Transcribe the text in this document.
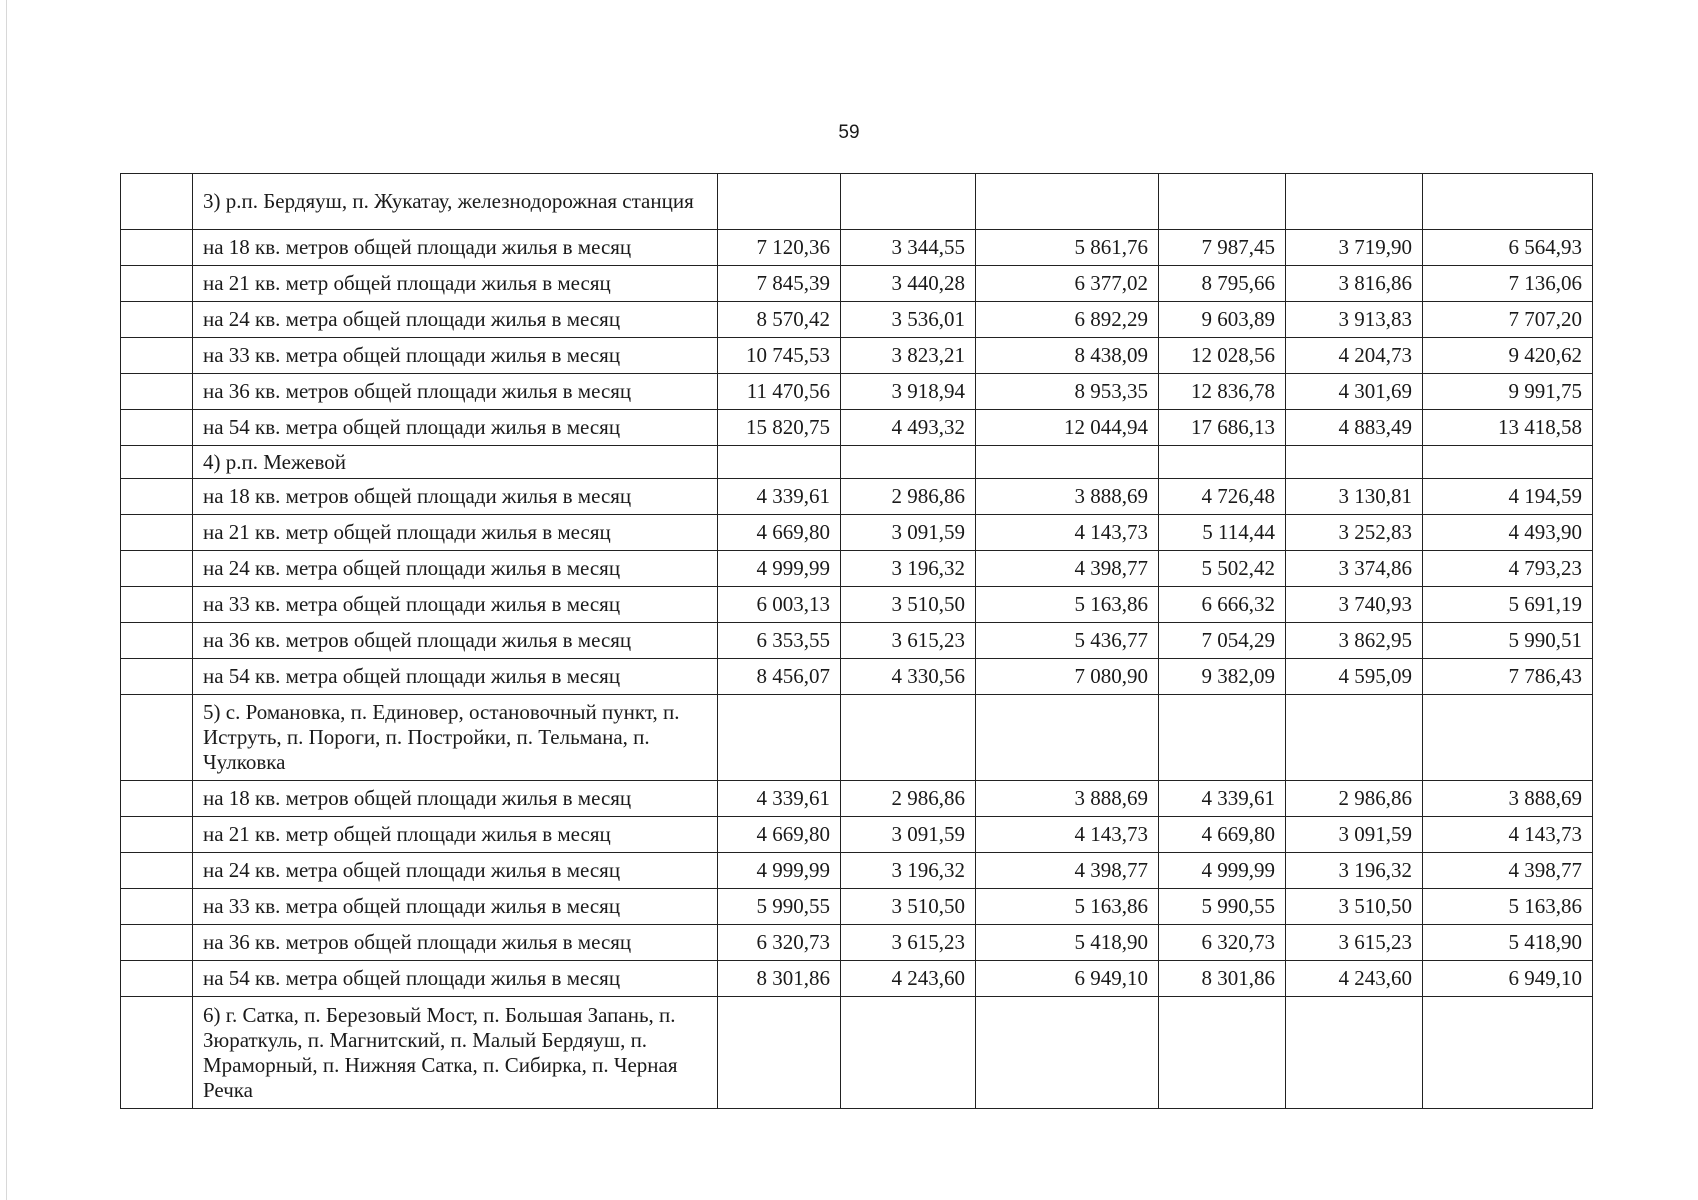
59
	3) р.п. Бердяуш, п. Жукатау, железнодорожная станция						
	на 18 кв. метров общей площади жилья в месяц	7 120,36	3 344,55	5 861,76	7 987,45	3 719,90	6 564,93
	на 21 кв. метр общей площади жилья в месяц	7 845,39	3 440,28	6 377,02	8 795,66	3 816,86	7 136,06
	на 24 кв. метра общей площади жилья в месяц	8 570,42	3 536,01	6 892,29	9 603,89	3 913,83	7 707,20
	на 33 кв. метра общей площади жилья в месяц	10 745,53	3 823,21	8 438,09	12 028,56	4 204,73	9 420,62
	на 36 кв. метров общей площади жилья в месяц	11 470,56	3 918,94	8 953,35	12 836,78	4 301,69	9 991,75
	на 54 кв. метра общей площади жилья в месяц	15 820,75	4 493,32	12 044,94	17 686,13	4 883,49	13 418,58
	4) р.п. Межевой						
	на 18 кв. метров общей площади жилья в месяц	4 339,61	2 986,86	3 888,69	4 726,48	3 130,81	4 194,59
	на 21 кв. метр общей площади жилья в месяц	4 669,80	3 091,59	4 143,73	5 114,44	3 252,83	4 493,90
	на 24 кв. метра общей площади жилья в месяц	4 999,99	3 196,32	4 398,77	5 502,42	3 374,86	4 793,23
	на 33 кв. метра общей площади жилья в месяц	6 003,13	3 510,50	5 163,86	6 666,32	3 740,93	5 691,19
	на 36 кв. метров общей площади жилья в месяц	6 353,55	3 615,23	5 436,77	7 054,29	3 862,95	5 990,51
	на 54 кв. метра общей площади жилья в месяц	8 456,07	4 330,56	7 080,90	9 382,09	4 595,09	7 786,43
	5) с. Романовка, п. Единовер, остановочный пункт, п. Иструть, п. Пороги, п. Постройки, п. Тельмана, п. Чулковка						
	на 18 кв. метров общей площади жилья в месяц	4 339,61	2 986,86	3 888,69	4 339,61	2 986,86	3 888,69
	на 21 кв. метр общей площади жилья в месяц	4 669,80	3 091,59	4 143,73	4 669,80	3 091,59	4 143,73
	на 24 кв. метра общей площади жилья в месяц	4 999,99	3 196,32	4 398,77	4 999,99	3 196,32	4 398,77
	на 33 кв. метра общей площади жилья в месяц	5 990,55	3 510,50	5 163,86	5 990,55	3 510,50	5 163,86
	на 36 кв. метров общей площади жилья в месяц	6 320,73	3 615,23	5 418,90	6 320,73	3 615,23	5 418,90
	на 54 кв. метра общей площади жилья в месяц	8 301,86	4 243,60	6 949,10	8 301,86	4 243,60	6 949,10
	6) г. Сатка, п. Березовый Мост, п. Большая Запань, п. Зюраткуль, п. Магнитский, п. Малый Бердяуш, п. Мраморный, п. Нижняя Сатка, п. Сибирка, п. Черная Речка						
